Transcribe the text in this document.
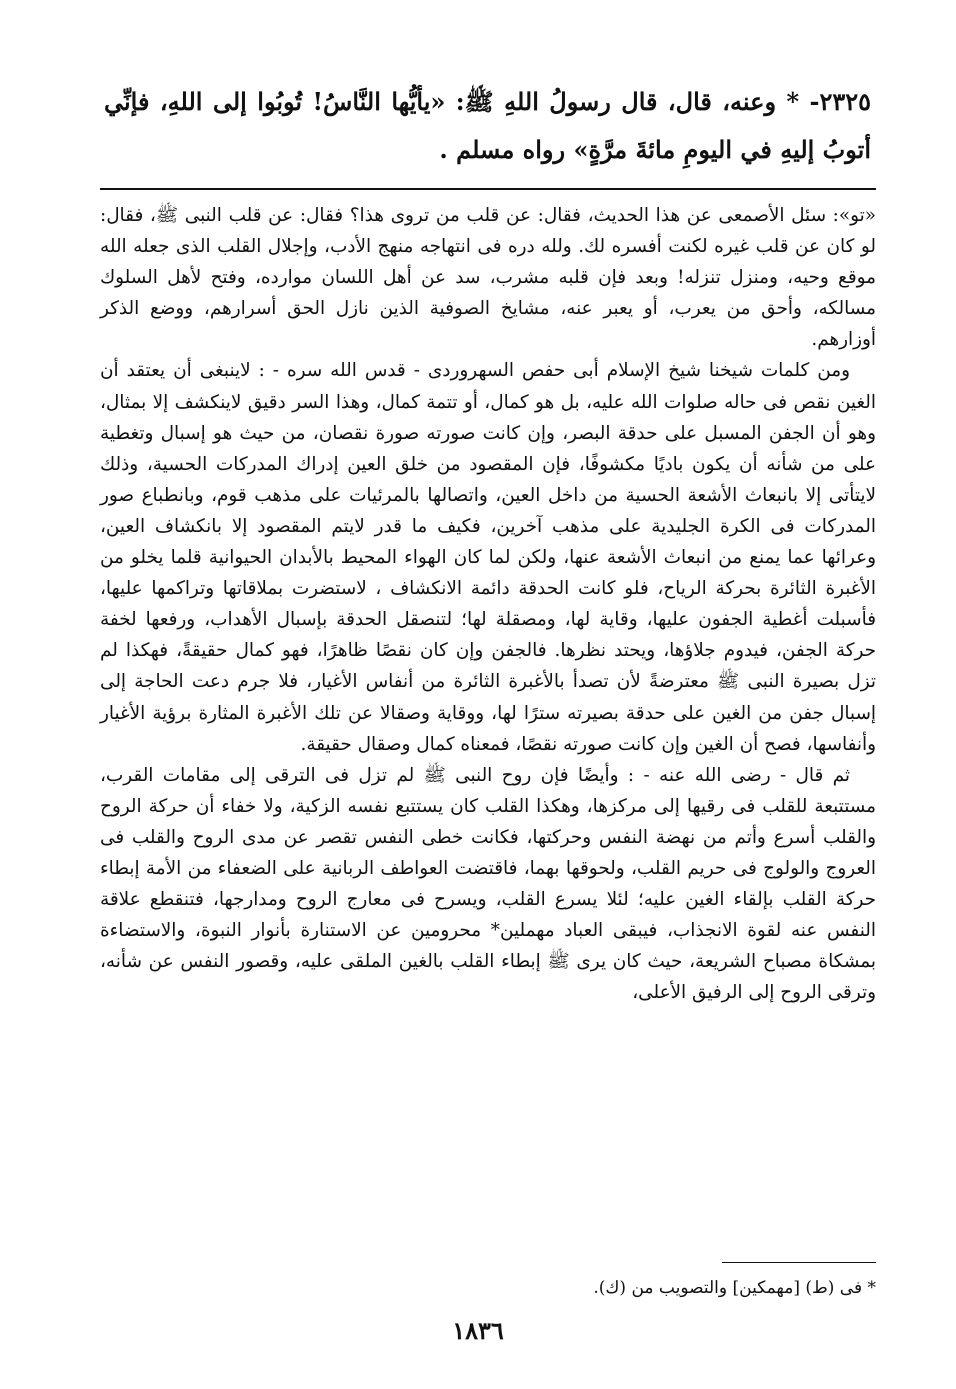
٢٣٢٥- * وعنه، قال، قال رسولُ اللهِ ﷺ: «يأيُّها النَّاسُ! تُوبُوا إلى اللهِ، فإنِّي أتوبُ إليهِ في اليومِ مائةَ مرَّةٍ» رواه مسلم .

«تو»: سئل الأصمعى عن هذا الحديث، فقال: عن قلب من تروى هذا؟ فقال: عن قلب النبى ﷺ، فقال: لو كان عن قلب غيره لكنت أفسره لك. ولله دره فى انتهاجه منهج الأدب، وإجلال القلب الذى جعله الله موقع وحيه، ومنزل تنزله! وبعد فإن قلبه مشرب، سد عن أهل اللسان موارده، وفتح لأهل السلوك مسالكه، وأحق من يعرب، أو يعبر عنه، مشايخ الصوفية الذين نازل الحق أسرارهم، ووضع الذكر أوزارهم.

ومن كلمات شيخنا شيخ الإسلام أبى حفص السهروردى - قدس الله سره - : لاينبغى أن يعتقد أن الغين نقص فى حاله صلوات الله عليه، بل هو كمال، أو تتمة كمال، وهذا السر دقيق لاينكشف إلا بمثال، وهو أن الجفن المسبل على حدقة البصر، وإن كانت صورته صورة نقصان، من حيث هو إسبال وتغطية على من شأنه أن يكون باديًا مكشوفًا، فإن المقصود من خلق العين إدراك المدركات الحسية، وذلك لايتأتى إلا بانبعاث الأشعة الحسية من داخل العين، واتصالها بالمرئيات على مذهب قوم، وبانطباع صور المدركات فى الكرة الجليدية على مذهب آخرين، فكيف ما قدر لايتم المقصود إلا بانكشاف العين، وعرائها عما يمنع من انبعاث الأشعة عنها، ولكن لما كان الهواء المحيط بالأبدان الحيوانية قلما يخلو من الأغبرة الثائرة بحركة الرياح، فلو كانت الحدقة دائمة الانكشاف ، لاستضرت بملاقاتها وتراكمها عليها، فأسبلت أغطية الجفون عليها، وقاية لها، ومصقلة لها؛ لتنصقل الحدقة بإسبال الأهداب، ورفعها لخفة حركة الجفن، فيدوم جلاؤها، ويحتد نظرها. فالجفن وإن كان نقصًا ظاهرًا، فهو كمال حقيقةً، فهكذا لم تزل بصيرة النبى ﷺ معترضةً لأن تصدأ بالأغبرة الثائرة من أنفاس الأغيار، فلا جرم دعت الحاجة إلى إسبال جفن من الغين على حدقة بصيرته سترًا لها، ووقاية وصقالا عن تلك الأغبرة المثارة برؤية الأغيار وأنفاسها، فصح أن الغين وإن كانت صورته نقصًا، فمعناه كمال وصقال حقيقة.

ثم قال - رضى الله عنه - : وأيضًا فإن روح النبى ﷺ لم تزل فى الترقى إلى مقامات القرب، مستتبعة للقلب فى رقيها إلى مركزها، وهكذا القلب كان يستتبع نفسه الزكية، ولا خفاء أن حركة الروح والقلب أسرع وأتم من نهضة النفس وحركتها، فكانت خطى النفس تقصر عن مدى الروح والقلب فى العروج والولوج فى حريم القلب، ولحوقها بهما، فاقتضت العواطف الربانية على الضعفاء من الأمة إبطاء حركة القلب بإلقاء الغين عليه؛ لئلا يسرع القلب، ويسرح فى معارج الروح ومدارجها، فتنقطع علاقة النفس عنه لقوة الانجذاب، فيبقى العباد مهملين* محرومين عن الاستنارة بأنوار النبوة، والاستضاءة بمشكاة مصباح الشريعة، حيث كان يرى ﷺ إبطاء القلب بالغين الملقى عليه، وقصور النفس عن شأنه، وترقى الروح إلى الرفيق الأعلى،

* فى (ط) [مهمكين] والتصويب من (ك).
١٨٣٦
